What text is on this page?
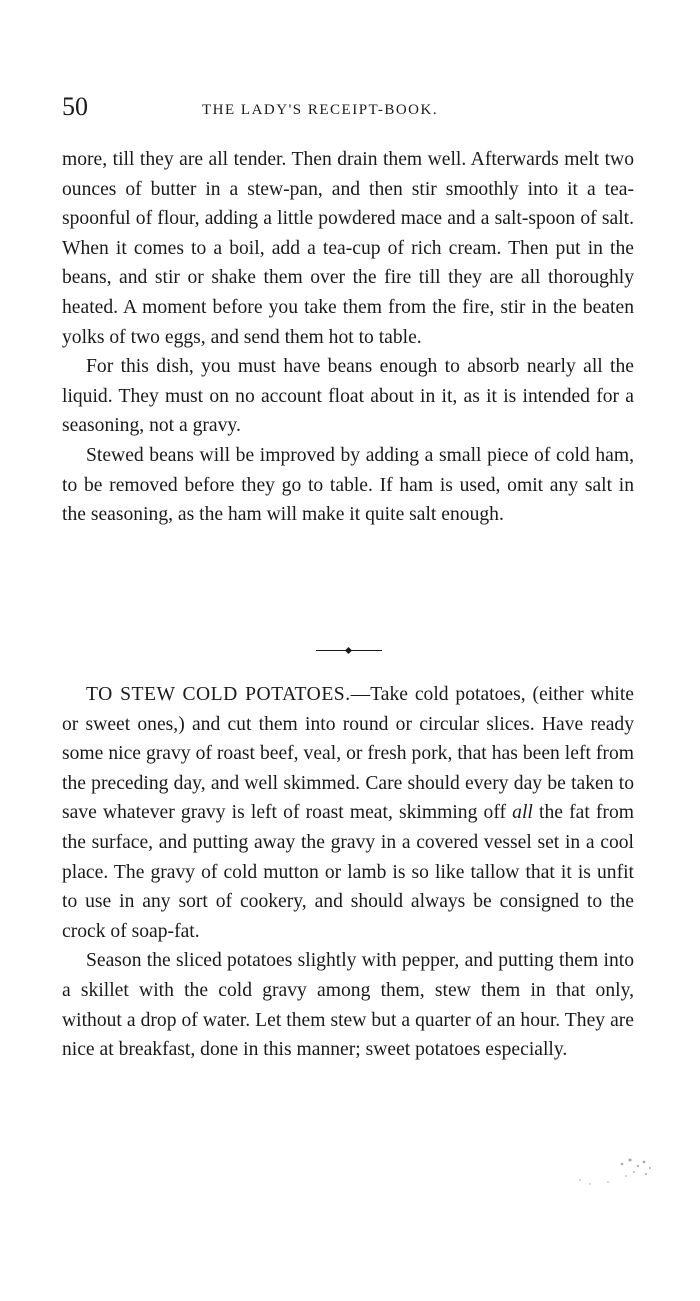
50	THE LADY'S RECEIPT-BOOK.

more, till they are all tender. Then drain them well. Afterwards melt two ounces of butter in a stew-pan, and then stir smoothly into it a tea-spoonful of flour, adding a little powdered mace and a salt-spoon of salt. When it comes to a boil, add a tea-cup of rich cream. Then put in the beans, and stir or shake them over the fire till they are all thoroughly heated. A moment before you take them from the fire, stir in the beaten yolks of two eggs, and send them hot to table.

For this dish, you must have beans enough to absorb nearly all the liquid. They must on no account float about in it, as it is intended for a seasoning, not a gravy.

Stewed beans will be improved by adding a small piece of cold ham, to be removed before they go to table. If ham is used, omit any salt in the seasoning, as the ham will make it quite salt enough.

TO STEW COLD POTATOES.—Take cold potatoes, (either white or sweet ones,) and cut them into round or circular slices. Have ready some nice gravy of roast beef, veal, or fresh pork, that has been left from the preceding day, and well skimmed. Care should every day be taken to save whatever gravy is left of roast meat, skimming off all the fat from the surface, and putting away the gravy in a covered vessel set in a cool place. The gravy of cold mutton or lamb is so like tallow that it is unfit to use in any sort of cookery, and should always be consigned to the crock of soap-fat.

Season the sliced potatoes slightly with pepper, and putting them into a skillet with the cold gravy among them, stew them in that only, without a drop of water. Let them stew but a quarter of an hour. They are nice at breakfast, done in this manner; sweet potatoes especially.
